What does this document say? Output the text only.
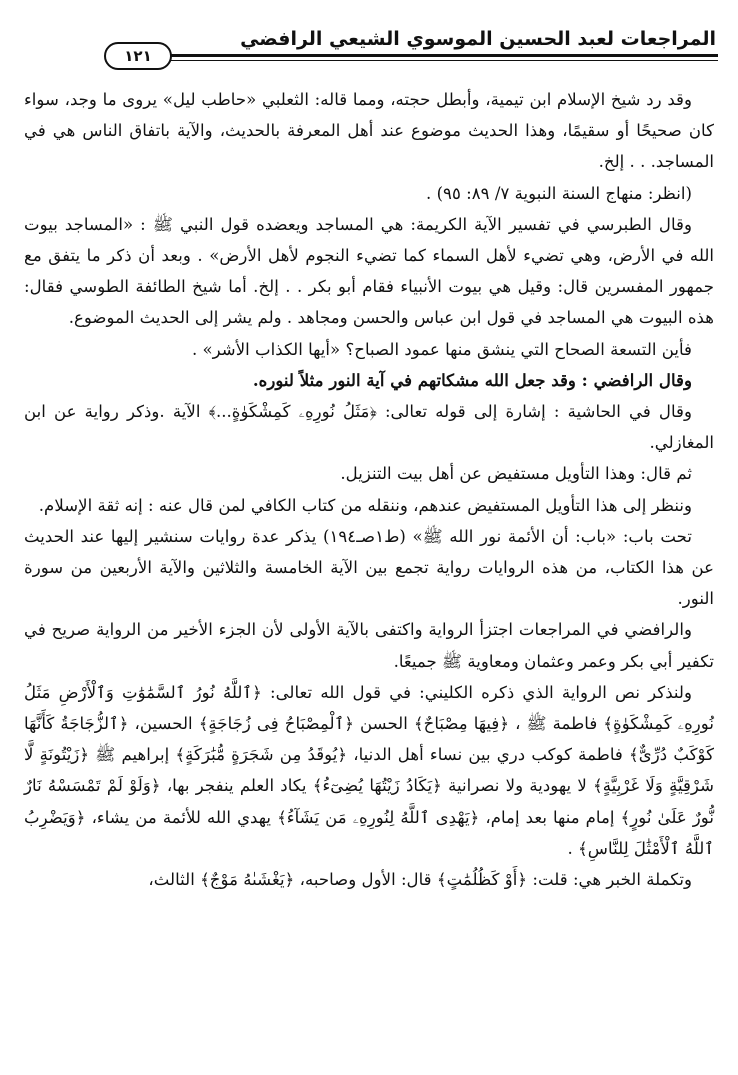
المراجعات لعبد الحسين الموسوي الشيعي الرافضي
١٢١

وقد رد شيخ الإسلام ابن تيمية، وأبطل حجته، ومما قاله: الثعلبي «حاطب ليل» يروى ما وجد، سواء كان صحيحًا أو سقيمًا، وهذا الحديث موضوع عند أهل المعرفة بالحديث، والآية باتفاق الناس هي في المساجد. . . إلخ.

(انظر: منهاج السنة النبوية ٧/ ٨٩: ٩٥) .

وقال الطبرسي في تفسير الآية الكريمة: هي المساجد ويعضده قول النبي ﷺ : «المساجد بيوت الله في الأرض، وهي تضيء لأهل السماء كما تضيء النجوم لأهل الأرض» . وبعد أن ذكر ما يتفق مع جمهور المفسرين قال: وقيل هي بيوت الأنبياء فقام أبو بكر . . إلخ. أما شيخ الطائفة الطوسي فقال: هذه البيوت هي المساجد في قول ابن عباس والحسن ومجاهد . ولم يشر إلى الحديث الموضوع.

فأين التسعة الصحاح التي ينشق منها عمود الصباح؟ «أيها الكذاب الأشر» .

وقال الرافضي : وقد جعل الله مشكاتهم في آية النور مثلاً لنوره.

وقال في الحاشية : إشارة إلى قوله تعالى: ﴿مَثَلُ نُورِهِۦ كَمِشْكَوٰةٍ...﴾ الآية .وذكر رواية عن ابن المغازلي.

ثم قال: وهذا التأويل مستفيض عن أهل بيت التنزيل.

وننظر إلى هذا التأويل المستفيض عندهم، وننقله من كتاب الكافي لمن قال عنه : إنه ثقة الإسلام.

تحت باب: «باب: أن الأئمة نور الله ﷺ» (ط١صـ١٩٤) يذكر عدة روايات سنشير إليها عند الحديث عن هذا الكتاب، من هذه الروايات رواية تجمع بين الآية الخامسة والثلاثين والآية الأربعين من سورة النور.

والرافضي في المراجعات اجتزأ الرواية واكتفى بالآية الأولى لأن الجزء الأخير من الرواية صريح في تكفير أبي بكر وعمر وعثمان ومعاوية ﷺ جميعًا.

ولنذكر نص الرواية الذي ذكره الكليني: في قول الله تعالى: ﴿ٱللَّهُ نُورُ ٱلسَّمَٰوَٰتِ وَٱلْأَرْضِ مَثَلُ نُورِهِۦ كَمِشْكَوٰةٍ﴾ فاطمة ﷺ ، ﴿فِيهَا مِصْبَاحٌ﴾ الحسن ﴿ٱلْمِصْبَاحُ فِى زُجَاجَةٍ﴾ الحسين، ﴿ٱلزُّجَاجَةُ كَأَنَّهَا كَوْكَبٌ دُرِّىٌّ﴾ فاطمة كوكب دري بين نساء أهل الدنيا، ﴿يُوقَدُ مِن شَجَرَةٍ مُّبَٰرَكَةٍ﴾ إبراهيم ﷺ ﴿زَيْتُونَةٍ لَّا شَرْقِيَّةٍ وَلَا غَرْبِيَّةٍ﴾ لا يهودية ولا نصرانية ﴿يَكَادُ زَيْتُهَا يُضِىٓءُ﴾ يكاد العلم ينفجر بها، ﴿وَلَوْ لَمْ تَمْسَسْهُ نَارٌ نُّورٌ عَلَىٰ نُورٍ﴾ إمام منها بعد إمام، ﴿يَهْدِى ٱللَّهُ لِنُورِهِۦ مَن يَشَآءُ﴾ يهدي الله للأئمة من يشاء، ﴿وَيَضْرِبُ ٱللَّهُ ٱلْأَمْثَٰلَ لِلنَّاسِ﴾ .

وتكملة الخبر هي: قلت: ﴿أَوْ كَظُلُمَٰتٍ﴾ قال: الأول وصاحبه، ﴿يَغْشَىٰهُ مَوْجٌ﴾ الثالث،
